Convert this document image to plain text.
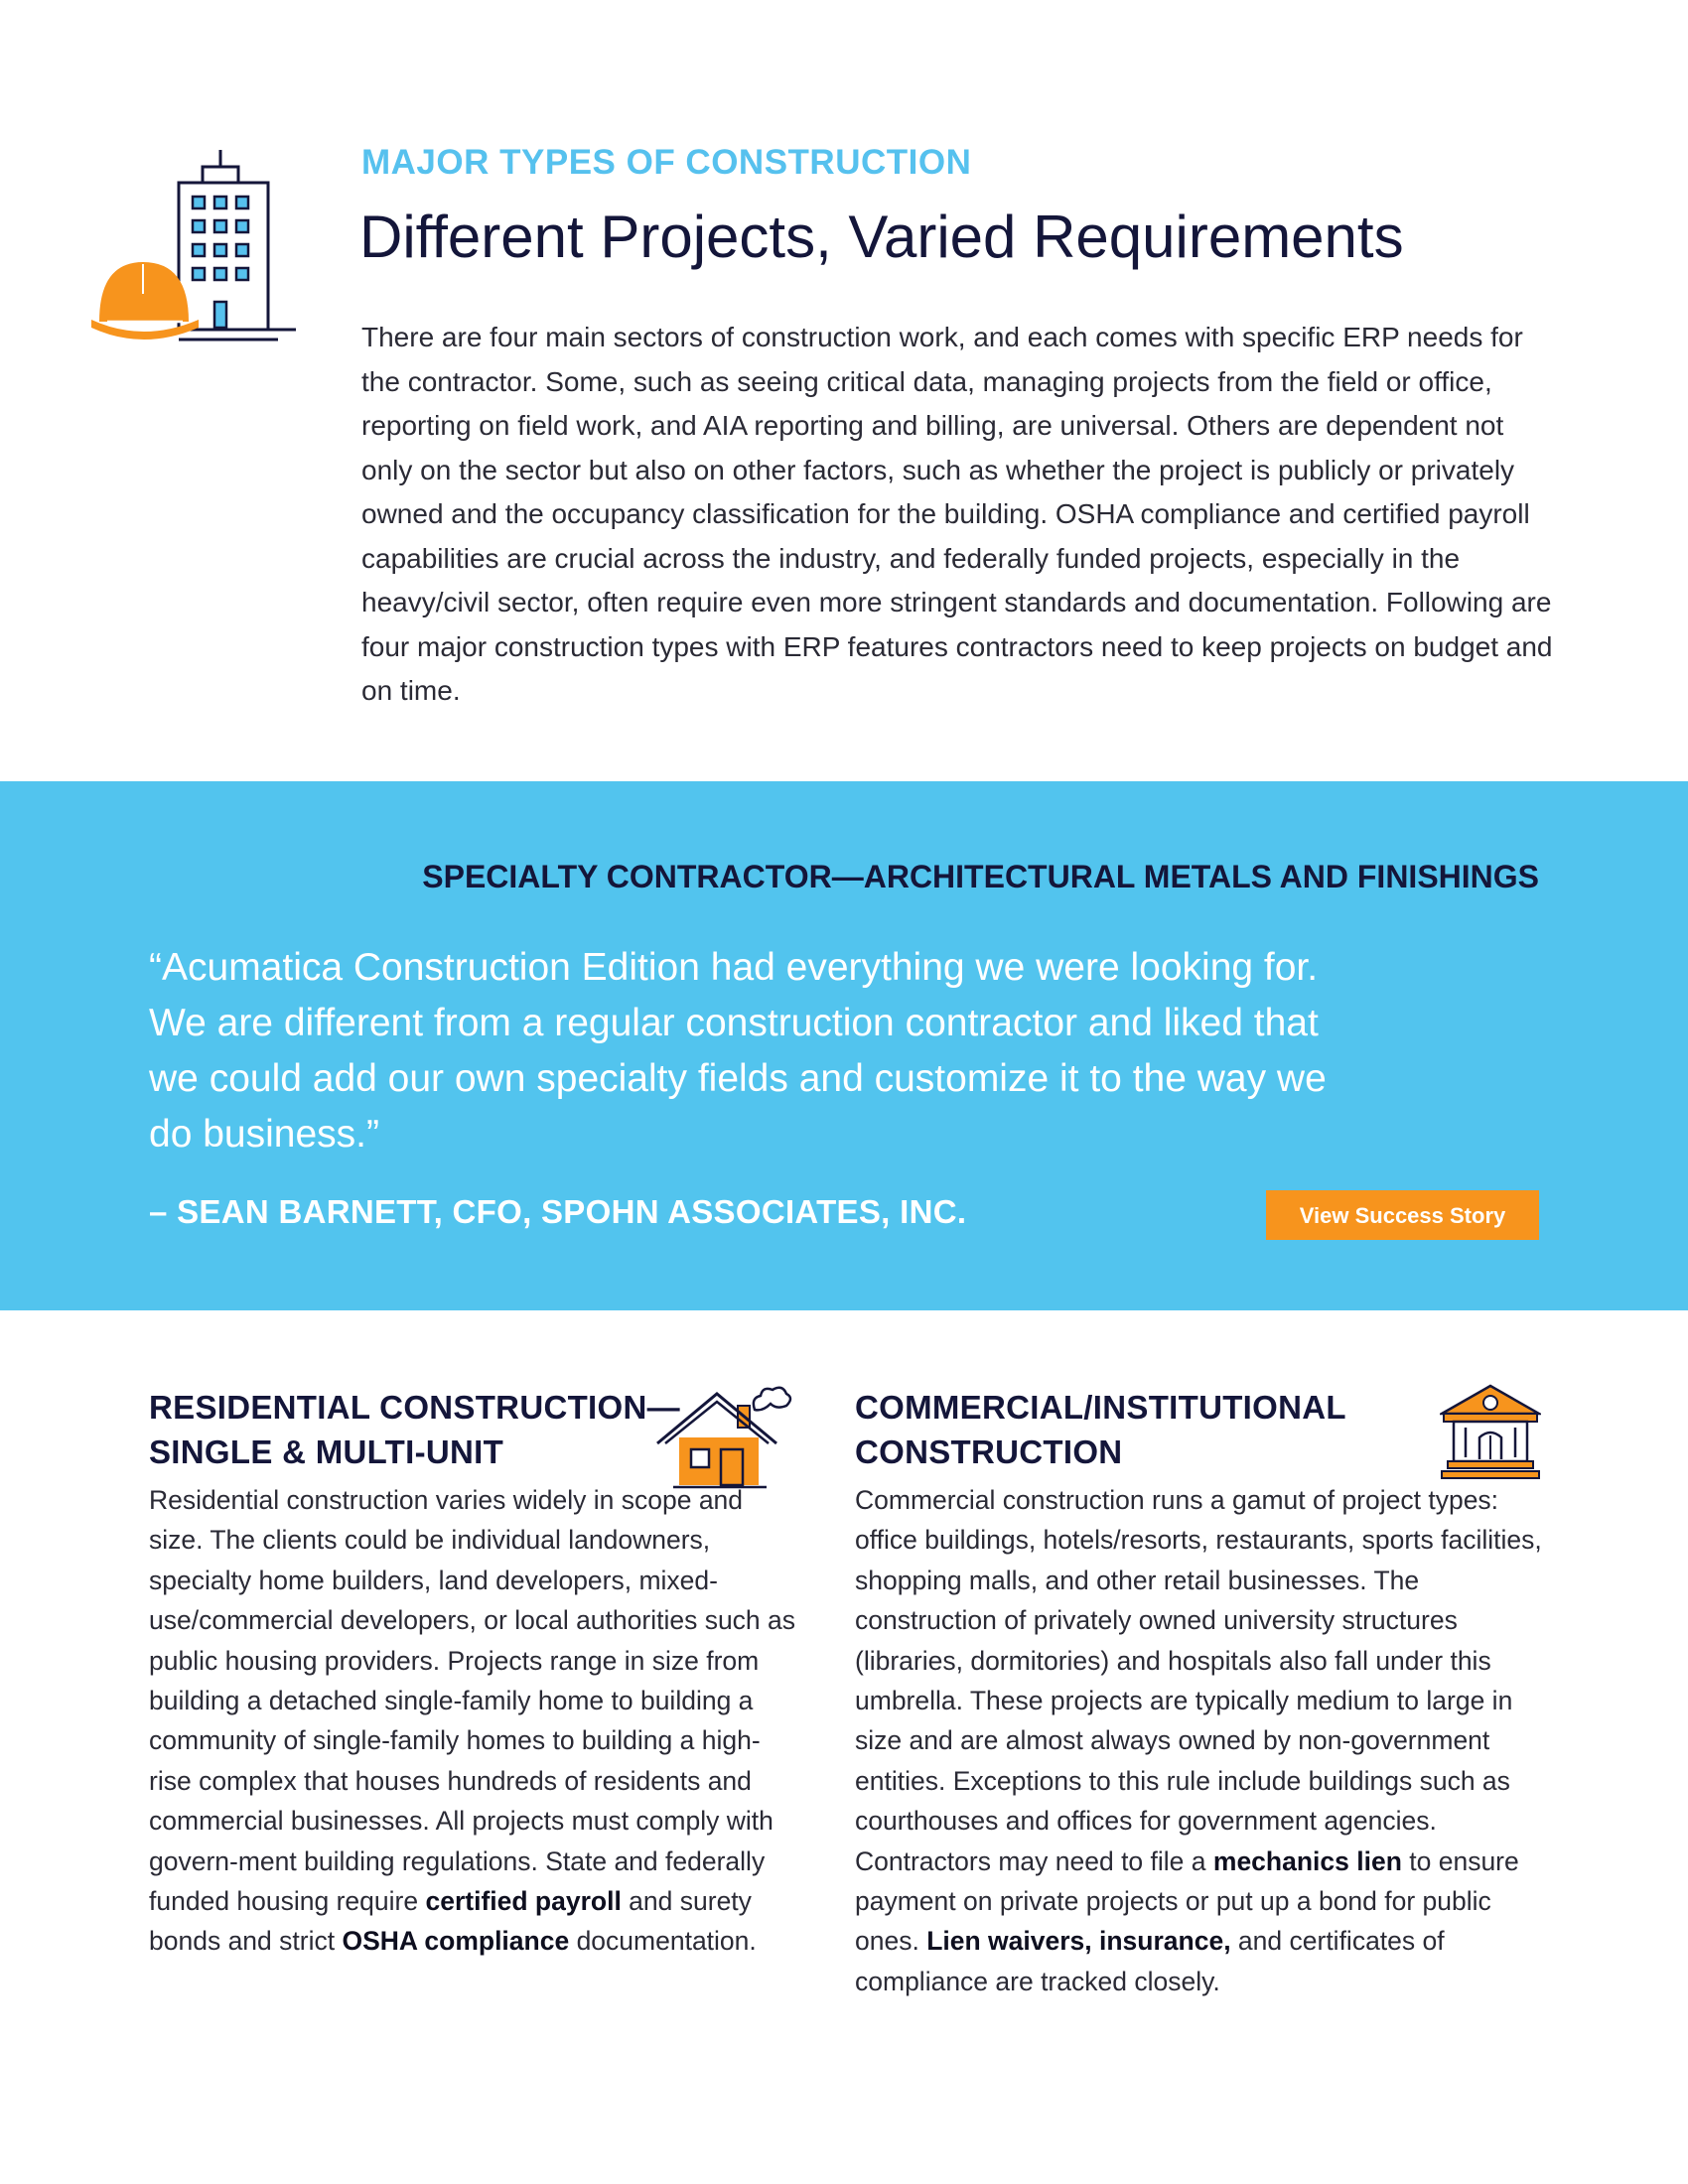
MAJOR TYPES OF CONSTRUCTION
Different Projects, Varied Requirements

There are four main sectors of construction work, and each comes with specific ERP needs for the contractor. Some, such as seeing critical data, managing projects from the field or office, reporting on field work, and AIA reporting and billing, are universal. Others are dependent not only on the sector but also on other factors, such as whether the project is publicly or privately owned and the occupancy classification for the building. OSHA compliance and certified payroll capabilities are crucial across the industry, and federally funded projects, especially in the heavy/civil sector, often require even more stringent standards and documentation. Following are four major construction types with ERP features contractors need to keep projects on budget and on time.

SPECIALTY CONTRACTOR—ARCHITECTURAL METALS AND FINISHINGS

“Acumatica Construction Edition had everything we were looking for. We are different from a regular construction contractor and liked that we could add our own specialty fields and customize it to the way we do business.”

– SEAN BARNETT, CFO, SPOHN ASSOCIATES, INC.	View Success Story
RESIDENTIAL CONSTRUCTION—
SINGLE & MULTI-UNIT

Residential construction varies widely in scope and size. The clients could be individual landowners, specialty home builders, land developers, mixed-use/commercial developers, or local authorities such as public housing providers. Projects range in size from building a detached single-family home to building a community of single-family homes to building a high-rise complex that houses hundreds of residents and commercial businesses. All projects must comply with govern-ment building regulations. State and federally funded housing require certified payroll and surety bonds and strict OSHA compliance documentation.

COMMERCIAL/INSTITUTIONAL
CONSTRUCTION

Commercial construction runs a gamut of project types: office buildings, hotels/resorts, restaurants, sports facilities, shopping malls, and other retail businesses. The construction of privately owned university structures (libraries, dormitories) and hospitals also fall under this umbrella. These projects are typically medium to large in size and are almost always owned by non-government entities. Exceptions to this rule include buildings such as courthouses and offices for government agencies. Contractors may need to file a mechanics lien to ensure payment on private projects or put up a bond for public ones. Lien waivers, insurance, and certificates of compliance are tracked closely.
